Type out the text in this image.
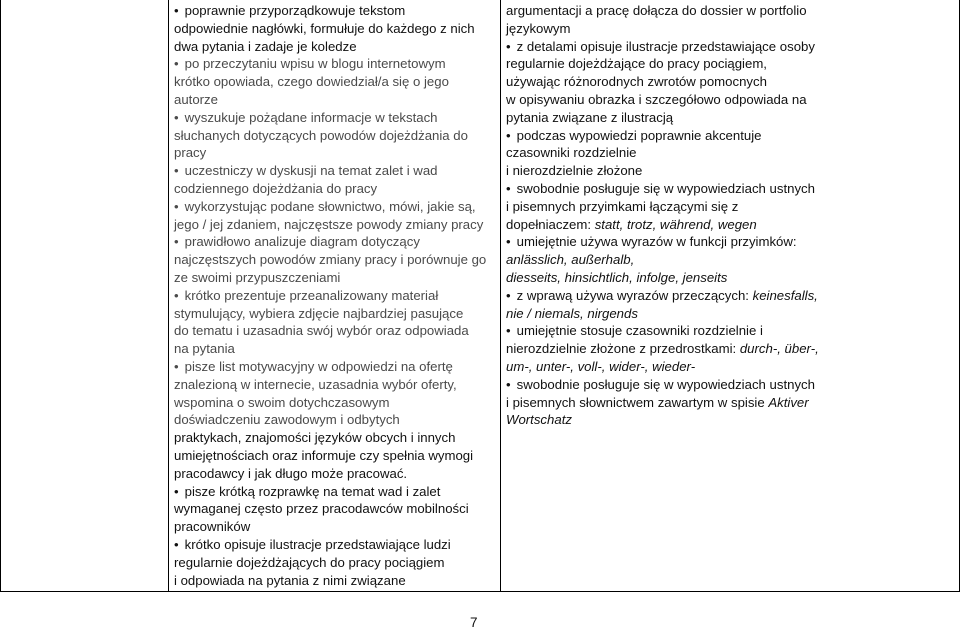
• poprawnie przyporządkowuje tekstom
odpowiednie nagłówki, formułuje do każdego z nich
dwa pytania i zadaje je koledze
• po przeczytaniu wpisu w blogu internetowym
krótko opowiada, czego dowiedział/a się o jego
autorze
• wyszukuje pożądane informacje w tekstach
słuchanych dotyczących powodów dojeżdżania do
pracy
• uczestniczy w dyskusji na temat zalet i wad
codziennego dojeżdżania do pracy
• wykorzystując podane słownictwo, mówi, jakie są,
jego / jej zdaniem, najczęstsze powody zmiany pracy
• prawidłowo analizuje diagram dotyczący
najczęstszych powodów zmiany pracy i porównuje go
ze swoimi przypuszczeniami
• krótko prezentuje przeanalizowany materiał
stymulujący, wybiera zdjęcie najbardziej pasujące
do tematu i uzasadnia swój wybór oraz odpowiada
na pytania
• pisze list motywacyjny w odpowiedzi na ofertę
znalezioną w internecie, uzasadnia wybór oferty,
wspomina o swoim dotychczasowym
doświadczeniu zawodowym i odbytych
praktykach, znajomości języków obcych i innych
umiejętnościach oraz informuje czy spełnia wymogi
pracodawcy i jak długo może pracować.
• pisze krótką rozprawkę na temat wad i zalet
wymaganej często przez pracodawców mobilności
pracowników
• krótko opisuje ilustracje przedstawiające ludzi
regularnie dojeżdżających do pracy pociągiem
i odpowiada na pytania z nimi związane
argumentacji a pracę dołącza do dossier w portfolio
językowym
• z detalami opisuje ilustracje przedstawiające osoby
regularnie dojeżdżające do pracy pociągiem,
używając różnorodnych zwrotów pomocnych
w opisywaniu obrazka i szczegółowo odpowiada na
pytania związane z ilustracją
• podczas wypowiedzi poprawnie akcentuje
czasowniki rozdzielnie
i nierozdzielnie złożone
• swobodnie posługuje się w wypowiedziach ustnych
i pisemnych przyimkami łączącymi się z
dopełniaczem: statt, trotz, während, wegen
• umiejętnie używa wyrazów w funkcji przyimków:
anlässlich, außerhalb,
diesseits, hinsichtlich, infolge, jenseits
• z wprawą używa wyrazów przeczących: keinesfalls,
nie / niemals, nirgends
• umiejętnie stosuje czasowniki rozdzielnie i
nierozdzielnie złożone z przedrostkami: durch-, über-,
um-, unter-, voll-, wider-, wieder-
• swobodnie posługuje się w wypowiedziach ustnych
i pisemnych słownictwem zawartym w spisie Aktiver
Wortschatz
7
